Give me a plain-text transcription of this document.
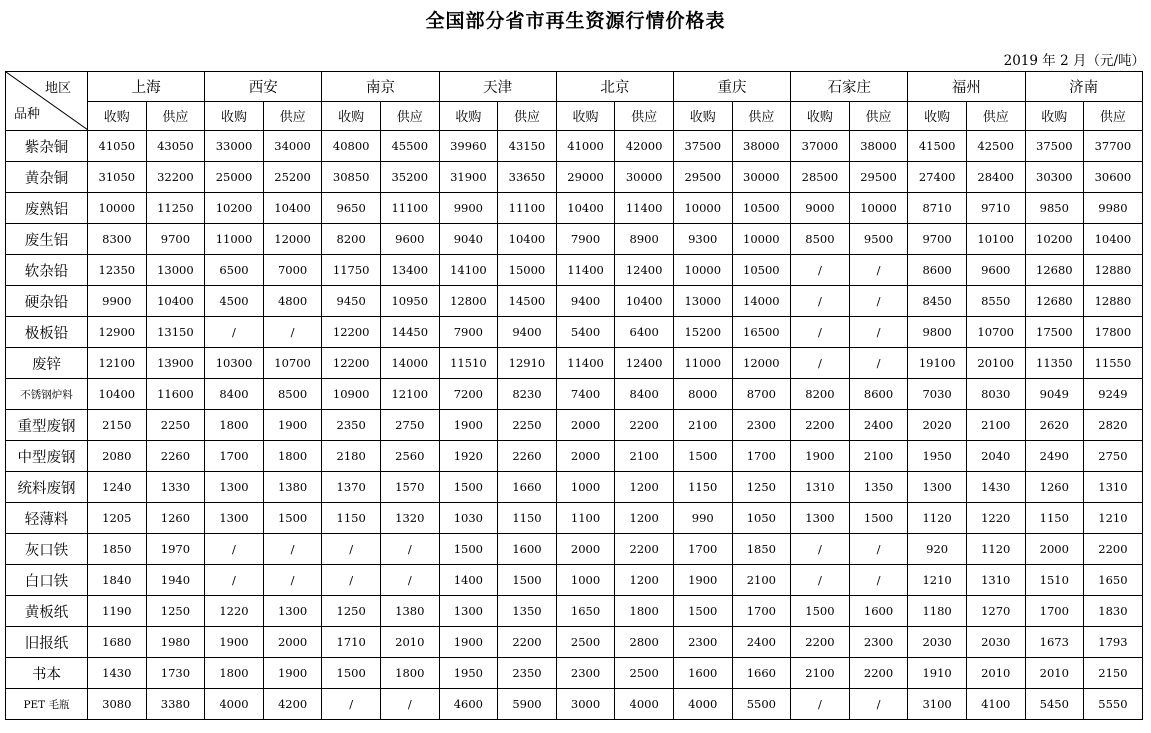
全国部分省市再生资源行情价格表
2019 年 2 月（元/吨）
地区
品种	上海		西安		南京		天津		北京		重庆		石家庄		福州		济南	
	收购	供应	收购	供应	收购	供应	收购	供应	收购	供应	收购	供应	收购	供应	收购	供应	收购	供应
紫杂铜	41050	43050	33000	34000	40800	45500	39960	43150	41000	42000	37500	38000	37000	38000	41500	42500	37500	37700
黄杂铜	31050	32200	25000	25200	30850	35200	31900	33650	29000	30000	29500	30000	28500	29500	27400	28400	30300	30600
废熟铝	10000	11250	10200	10400	9650	11100	9900	11100	10400	11400	10000	10500	9000	10000	8710	9710	9850	9980
废生铝	8300	9700	11000	12000	8200	9600	9040	10400	7900	8900	9300	10000	8500	9500	9700	10100	10200	10400
软杂铅	12350	13000	6500	7000	11750	13400	14100	15000	11400	12400	10000	10500	/	/	8600	9600	12680	12880
硬杂铅	9900	10400	4500	4800	9450	10950	12800	14500	9400	10400	13000	14000	/	/	8450	8550	12680	12880
极板铅	12900	13150	/	/	12200	14450	7900	9400	5400	6400	15200	16500	/	/	9800	10700	17500	17800
废锌	12100	13900	10300	10700	12200	14000	11510	12910	11400	12400	11000	12000	/	/	19100	20100	11350	11550
不锈钢炉料	10400	11600	8400	8500	10900	12100	7200	8230	7400	8400	8000	8700	8200	8600	7030	8030	9049	9249
重型废钢	2150	2250	1800	1900	2350	2750	1900	2250	2000	2200	2100	2300	2200	2400	2020	2100	2620	2820
中型废钢	2080	2260	1700	1800	2180	2560	1920	2260	2000	2100	1500	1700	1900	2100	1950	2040	2490	2750
统料废钢	1240	1330	1300	1380	1370	1570	1500	1660	1000	1200	1150	1250	1310	1350	1300	1430	1260	1310
轻薄料	1205	1260	1300	1500	1150	1320	1030	1150	1100	1200	990	1050	1300	1500	1120	1220	1150	1210
灰口铁	1850	1970	/	/	/	/	1500	1600	2000	2200	1700	1850	/	/	920	1120	2000	2200
白口铁	1840	1940	/	/	/	/	1400	1500	1000	1200	1900	2100	/	/	1210	1310	1510	1650
黄板纸	1190	1250	1220	1300	1250	1380	1300	1350	1650	1800	1500	1700	1500	1600	1180	1270	1700	1830
旧报纸	1680	1980	1900	2000	1710	2010	1900	2200	2500	2800	2300	2400	2200	2300	2030	2030	1673	1793
书本	1430	1730	1800	1900	1500	1800	1950	2350	2300	2500	1600	1660	2100	2200	1910	2010	2010	2150
PET 毛瓶	3080	3380	4000	4200	/	/	4600	5900	3000	4000	4000	5500	/	/	3100	4100	5450	5550
